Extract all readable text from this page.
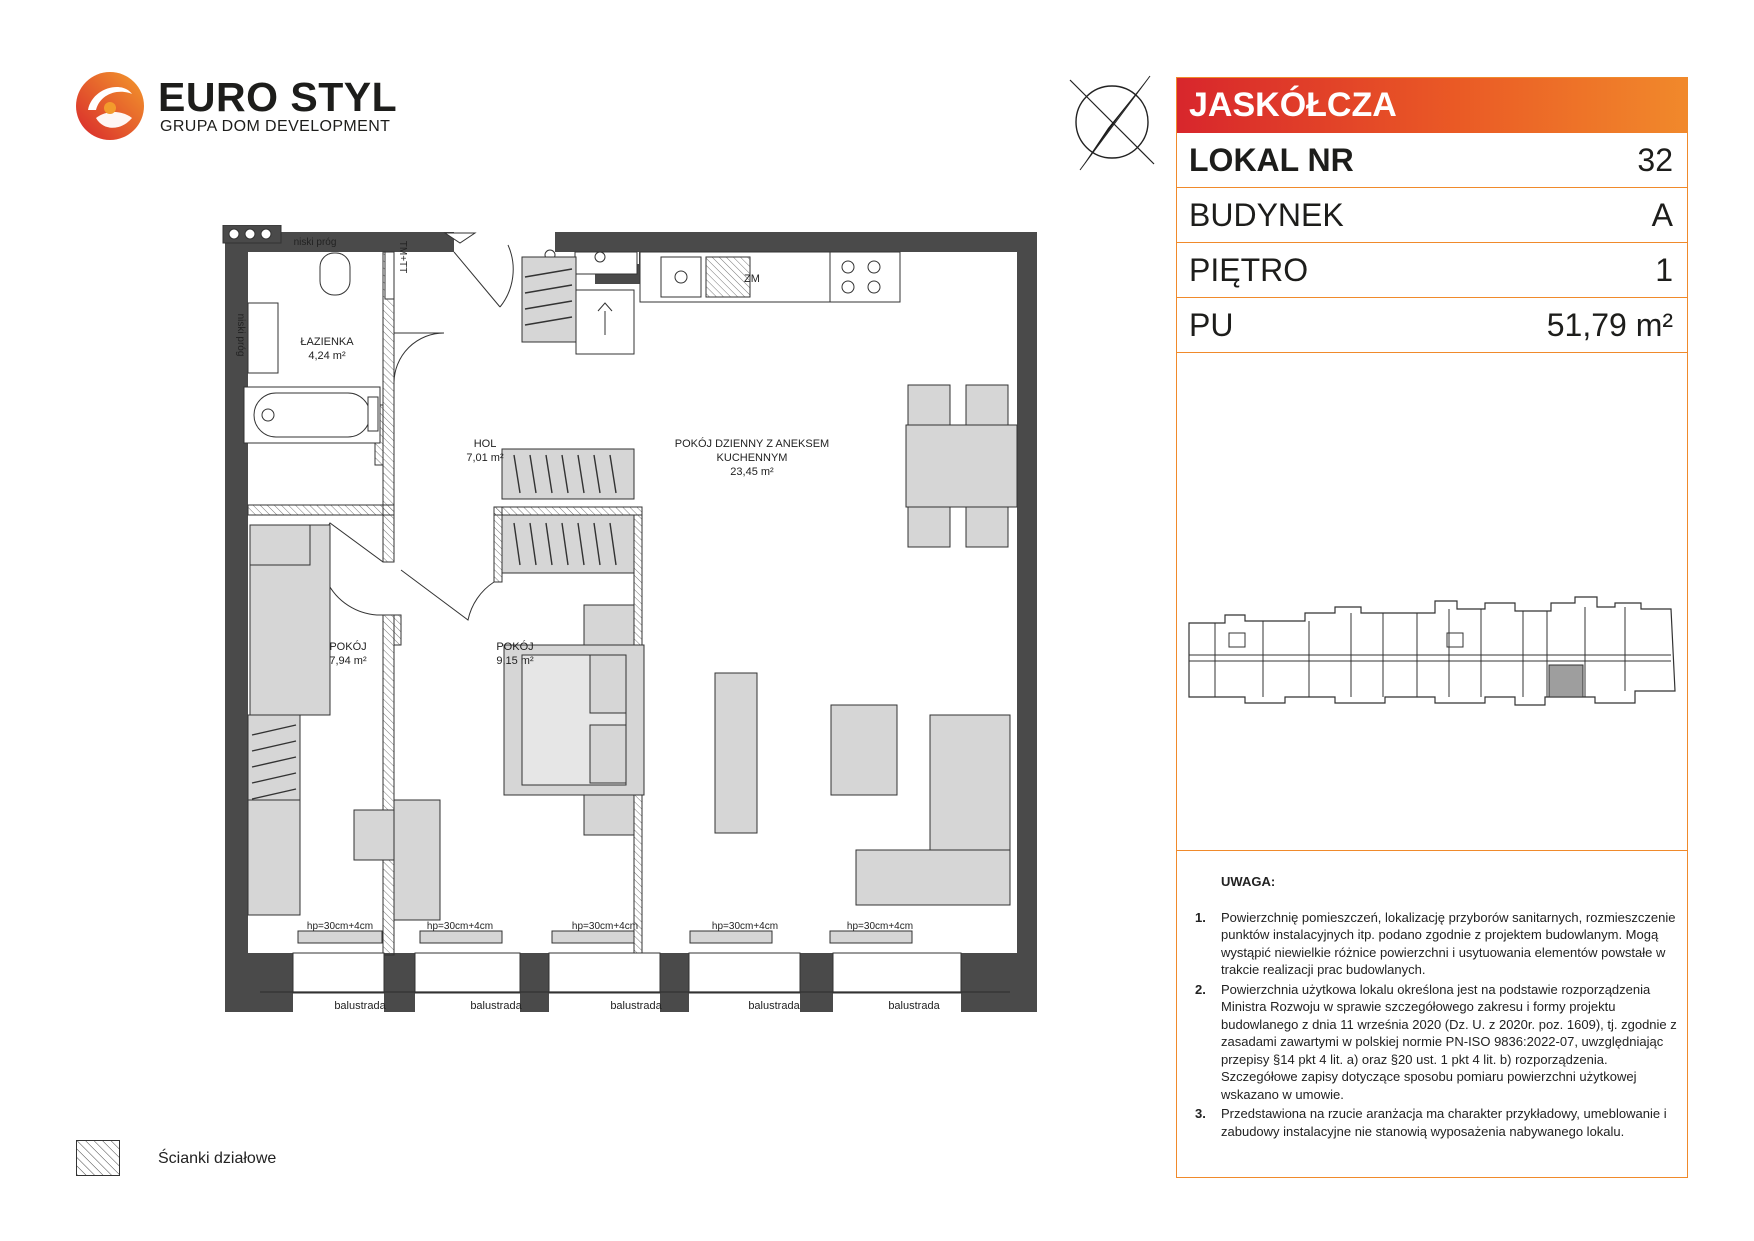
EURO STYL
GRUPA DOM DEVELOPMENT
JASKÓŁCZA
LOKAL NR	32
BUDYNEK	A
PIĘTRO	1
PU	51,79 m²
UWAGA:
1. Powierzchnię pomieszczeń, lokalizację przyborów sanitarnych, rozmieszczenie punktów instalacyjnych itp. podano zgodnie z projektem budowlanym. Mogą wystąpić niewielkie różnice powierzchni i usytuowania elementów powstałe w trakcie realizacji prac budowlanych.
2. Powierzchnia użytkowa lokalu określona jest na podstawie rozporządzenia Ministra Rozwoju w sprawie szczegółowego zakresu i formy projektu budowlanego z dnia 11 września 2020 (Dz. U. z 2020r. poz. 1609), tj. zgodnie z zasadami zawartymi w polskiej normie PN-ISO 9836:2022-07, uwzględniając przepisy §14 pkt 4 lit. a) oraz §20 ust. 1 pkt 4 lit. b) rozporządzenia. Szczegółowe zapisy dotyczące sposobu pomiaru powierzchni użytkowej wskazano w umowie.
3. Przedstawiona na rzucie aranżacja ma charakter przykładowy, umeblowanie i zabudowy instalacyjne nie stanowią wyposażenia nabywanego lokalu.
Ścianki działowe
niski próg
niski próg
TM+TT
ŁAZIENKA
4,24 m²
ZM
HOL
7,01 m²
POKÓJ DZIENNY Z ANEKSEM
KUCHENNYM
23,45 m²
POKÓJ
7,94 m²
POKÓJ
9,15 m²
hp=30cm+4cm	hp=30cm+4cm	hp=30cm+4cm	hp=30cm+4cm	hp=30cm+4cm
balustrada	balustrada	balustrada	balustrada	balustrada
